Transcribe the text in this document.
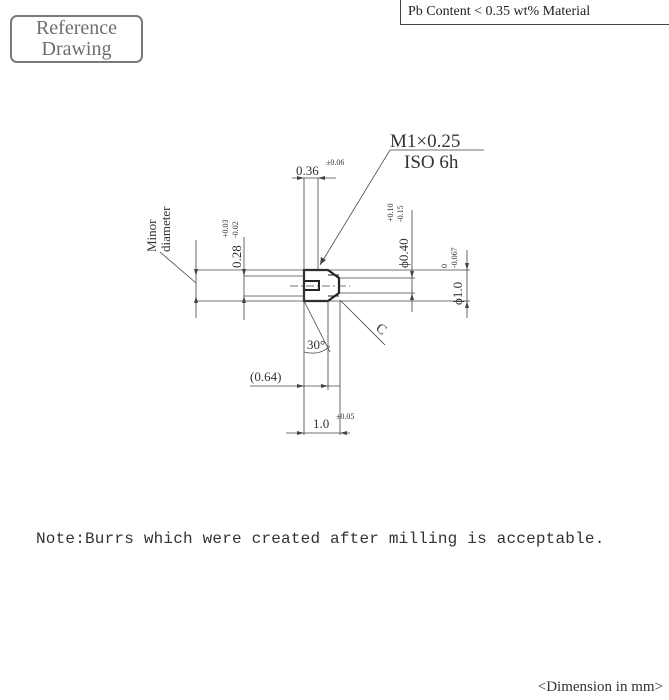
Reference
Drawing
Pb Content < 0.35 wt% Material
M1×0.25
ISO 6h
0.36
±0.06
Minor diameter
0.28
+0.03 -0.02
ϕ0.40
+0.10 -0.15
ϕ1.0
0 -0.067
C
30°
(0.64)
1.0 ±0.05
Note:Burrs which were created after milling is acceptable.
<Dimension in mm>
